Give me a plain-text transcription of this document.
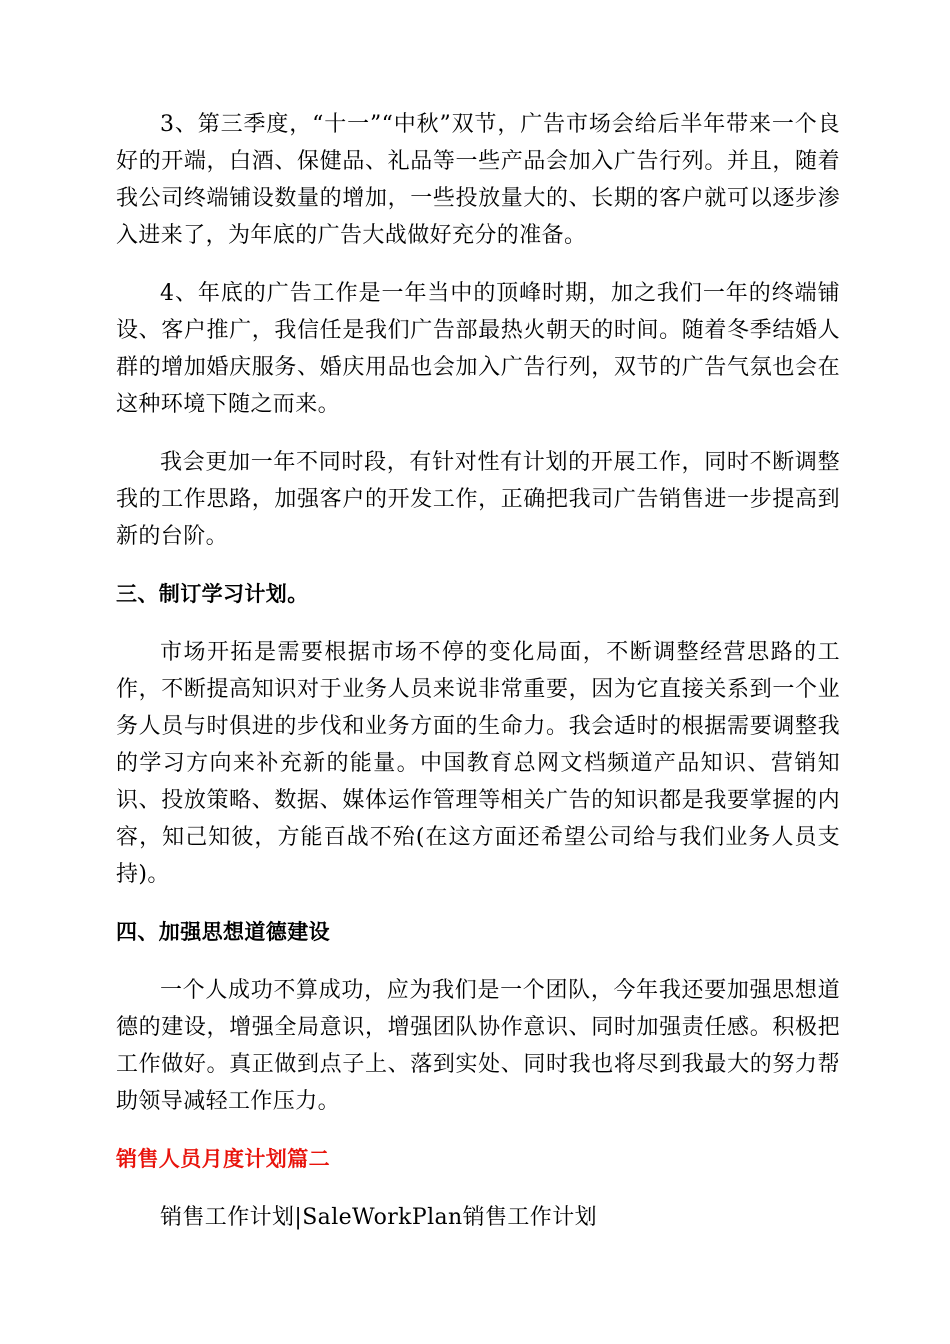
3、第三季度，“十一”“中秋”双节，广告市场会给后半年带来一个良好的开端，白酒、保健品、礼品等一些产品会加入广告行列。并且，随着我公司终端铺设数量的增加，一些投放量大的、长期的客户就可以逐步渗入进来了，为年底的广告大战做好充分的准备。

4、年底的广告工作是一年当中的顶峰时期，加之我们一年的终端铺设、客户推广，我信任是我们广告部最热火朝天的时间。随着冬季结婚人群的增加婚庆服务、婚庆用品也会加入广告行列，双节的广告气氛也会在这种环境下随之而来。

我会更加一年不同时段，有针对性有计划的开展工作，同时不断调整我的工作思路，加强客户的开发工作，正确把我司广告销售进一步提高到新的台阶。

三、制订学习计划。

市场开拓是需要根据市场不停的变化局面，不断调整经营思路的工作，不断提高知识对于业务人员来说非常重要，因为它直接关系到一个业务人员与时俱进的步伐和业务方面的生命力。我会适时的根据需要调整我的学习方向来补充新的能量。中国教育总网文档频道产品知识、营销知识、投放策略、数据、媒体运作管理等相关广告的知识都是我要掌握的内容，知己知彼，方能百战不殆(在这方面还希望公司给与我们业务人员支持)。

四、加强思想道德建设

一个人成功不算成功，应为我们是一个团队，今年我还要加强思想道德的建设，增强全局意识，增强团队协作意识、同时加强责任感。积极把工作做好。真正做到点子上、落到实处、同时我也将尽到我最大的努力帮助领导减轻工作压力。

销售人员月度计划篇二

销售工作计划|SaleWorkPlan销售工作计划
